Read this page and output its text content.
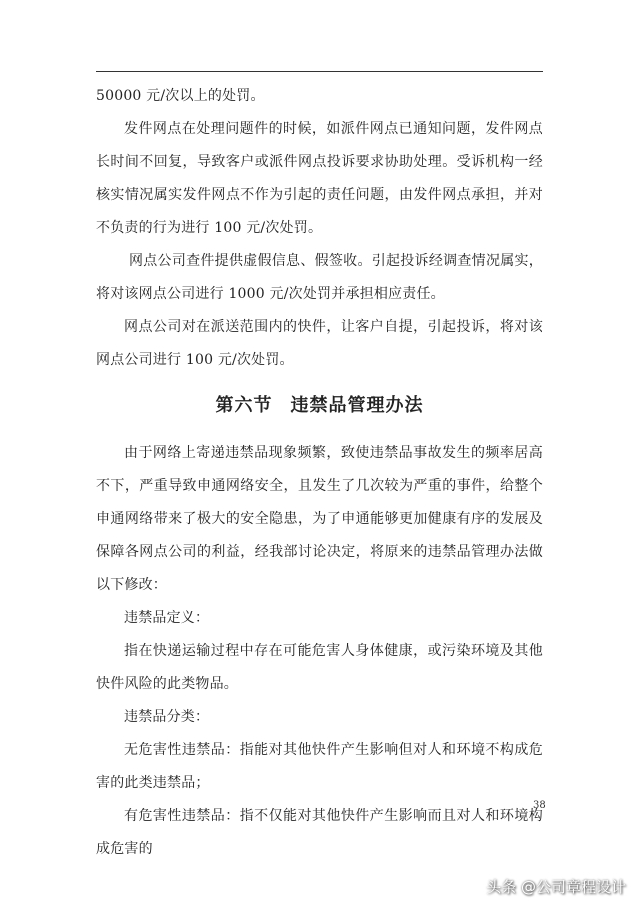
50000 元/次以上的处罚。

发件网点在处理问题件的时候，如派件网点已通知问题，发件网点长时间不回复，导致客户或派件网点投诉要求协助处理。受诉机构一经核实情况属实发件网点不作为引起的责任问题，由发件网点承担，并对不负责的行为进行 100 元/次处罚。

网点公司查件提供虚假信息、假签收。引起投诉经调查情况属实，将对该网点公司进行 1000 元/次处罚并承担相应责任。

网点公司对在派送范围内的快件，让客户自提，引起投诉，将对该网点公司进行 100 元/次处罚。

第六节 违禁品管理办法

由于网络上寄递违禁品现象频繁，致使违禁品事故发生的频率居高不下，严重导致申通网络安全，且发生了几次较为严重的事件，给整个申通网络带来了极大的安全隐患，为了申通能够更加健康有序的发展及保障各网点公司的利益，经我部讨论决定，将原来的违禁品管理办法做以下修改：

违禁品定义：

指在快递运输过程中存在可能危害人身体健康，或污染环境及其他快件风险的此类物品。

违禁品分类：

无危害性违禁品：指能对其他快件产生影响但对人和环境不构成危害的此类违禁品；

有危害性违禁品：指不仅能对其他快件产生影响而且对人和环境构成危害的

38
头条 @公司章程设计
